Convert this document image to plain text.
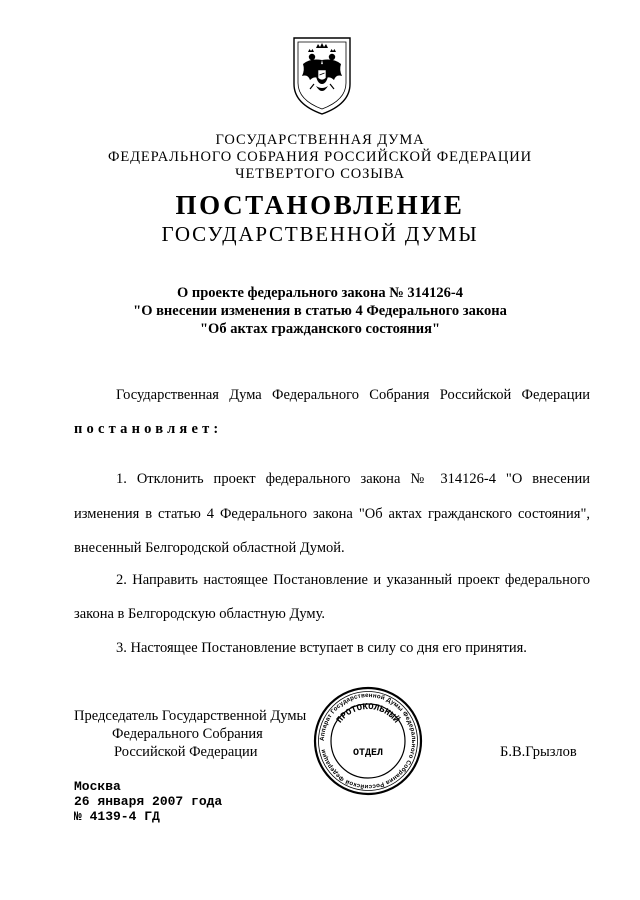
ГОСУДАРСТВЕННАЯ ДУМА
ФЕДЕРАЛЬНОГО СОБРАНИЯ РОССИЙСКОЙ ФЕДЕРАЦИИ
ЧЕТВЕРТОГО СОЗЫВА
ПОСТАНОВЛЕНИЕ
ГОСУДАРСТВЕННОЙ ДУМЫ
О проекте федерального закона № 314126-4
"О внесении изменения в статью 4 Федерального закона
"Об актах гражданского состояния"
Государственная Дума Федерального Собрания Российской Федерации
постановляет:
1. Отклонить проект федерального закона № 314126-4 "О внесении
изменения в статью 4 Федерального закона "Об актах гражданского состояния",
внесенный Белгородской областной Думой.
2. Направить настоящее Постановление и указанный проект федерального
закона в Белгородскую областную Думу.
3. Настоящее Постановление вступает в силу со дня его принятия.
Председатель Государственной Думы
Федерального Собрания
Российской Федерации	Б.В.Грызлов
Аппарат Государственной Думы Федерального Собрания Российской Федерации
ПРОТОКОЛЬНЫЙ
ОТДЕЛ
Москва
26 января 2007 года
№ 4139-4 ГД
